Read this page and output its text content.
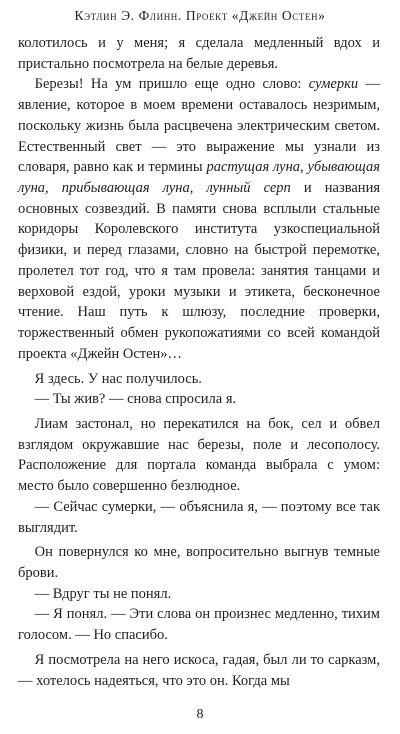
Кэтлин Э. Флинн. Проект «Джейн Остен»

колотилось и у меня; я сделала медленный вдох и пристально посмотрела на белые деревья.

Березы! На ум пришло еще одно слово: сумерки — явление, которое в моем времени оставалось незримым, поскольку жизнь была расцвечена электрическим светом. Естественный свет — это выражение мы узнали из словаря, равно как и термины растущая луна, убывающая луна, прибывающая луна, лунный серп и названия основных созвездий. В памяти снова всплыли стальные коридоры Королевского института узкоспециальной физики, и перед глазами, словно на быстрой перемотке, пролетел тот год, что я там провела: занятия танцами и верховой ездой, уроки музыки и этикета, бесконечное чтение. Наш путь к шлюзу, последние проверки, торжественный обмен рукопожатиями со всей командой проекта «Джейн Остен»…

Я здесь. У нас получилось.

— Ты жив? — снова спросила я.

Лиам застонал, но перекатился на бок, сел и обвел взглядом окружавшие нас березы, поле и лесополосу. Расположение для портала команда выбрала с умом: место было совершенно безлюдное.

— Сейчас сумерки, — объяснила я, — поэтому все так выглядит.

Он повернулся ко мне, вопросительно выгнув темные брови.

— Вдруг ты не понял.

— Я понял. — Эти слова он произнес медленно, тихим голосом. — Но спасибо.

Я посмотрела на него искоса, гадая, был ли то сарказм, — хотелось надеяться, что это он. Когда мы

8
